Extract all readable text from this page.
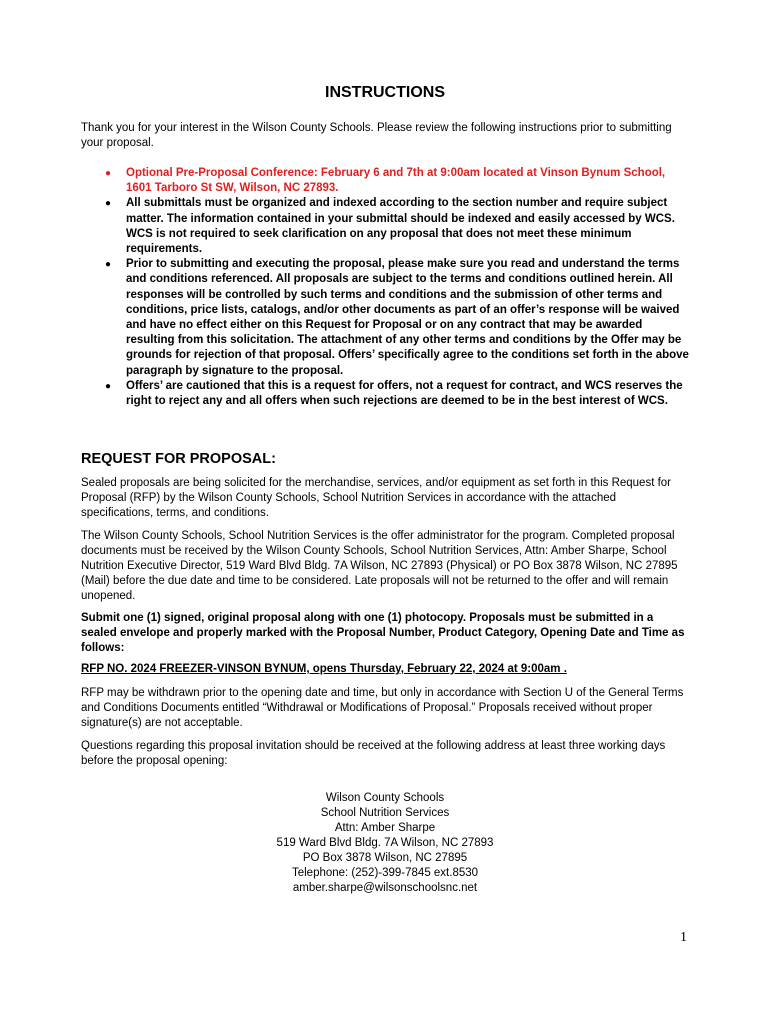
INSTRUCTIONS

Thank you for your interest in the Wilson County Schools. Please review the following instructions prior to submitting your proposal.

● Optional Pre-Proposal Conference: February 6 and 7th at 9:00am located at Vinson Bynum School, 1601 Tarboro St SW, Wilson, NC 27893.
● All submittals must be organized and indexed according to the section number and require subject matter. The information contained in your submittal should be indexed and easily accessed by WCS. WCS is not required to seek clarification on any proposal that does not meet these minimum requirements.
● Prior to submitting and executing the proposal, please make sure you read and understand the terms and conditions referenced. All proposals are subject to the terms and conditions outlined herein. All responses will be controlled by such terms and conditions and the submission of other terms and conditions, price lists, catalogs, and/or other documents as part of an offer’s response will be waived and have no effect either on this Request for Proposal or on any contract that may be awarded resulting from this solicitation. The attachment of any other terms and conditions by the Offer may be grounds for rejection of that proposal. Offers’ specifically agree to the conditions set forth in the above paragraph by signature to the proposal.
● Offers’ are cautioned that this is a request for offers, not a request for contract, and WCS reserves the right to reject any and all offers when such rejections are deemed to be in the best interest of WCS.
REQUEST FOR PROPOSAL:

Sealed proposals are being solicited for the merchandise, services, and/or equipment as set forth in this Request for Proposal (RFP) by the Wilson County Schools, School Nutrition Services in accordance with the attached specifications, terms, and conditions.

The Wilson County Schools, School Nutrition Services is the offer administrator for the program. Completed proposal documents must be received by the Wilson County Schools, School Nutrition Services, Attn: Amber Sharpe, School Nutrition Executive Director, 519 Ward Blvd Bldg. 7A Wilson, NC 27893 (Physical) or PO Box 3878 Wilson, NC 27895 (Mail) before the due date and time to be considered. Late proposals will not be returned to the offer and will remain unopened.

Submit one (1) signed, original proposal along with one (1) photocopy. Proposals must be submitted in a sealed envelope and properly marked with the Proposal Number, Product Category, Opening Date and Time as follows:

RFP NO. 2024 FREEZER-VINSON BYNUM, opens Thursday, February 22, 2024 at 9:00am .

RFP may be withdrawn prior to the opening date and time, but only in accordance with Section U of the General Terms and Conditions Documents entitled “Withdrawal or Modifications of Proposal.” Proposals received without proper signature(s) are not acceptable.

Questions regarding this proposal invitation should be received at the following address at least three working days before the proposal opening:

Wilson County Schools
School Nutrition Services
Attn: Amber Sharpe
519 Ward Blvd Bldg. 7A Wilson, NC 27893
PO Box 3878 Wilson, NC 27895
Telephone: (252)-399-7845 ext.8530
amber.sharpe@wilsonschoolsnc.net
1
